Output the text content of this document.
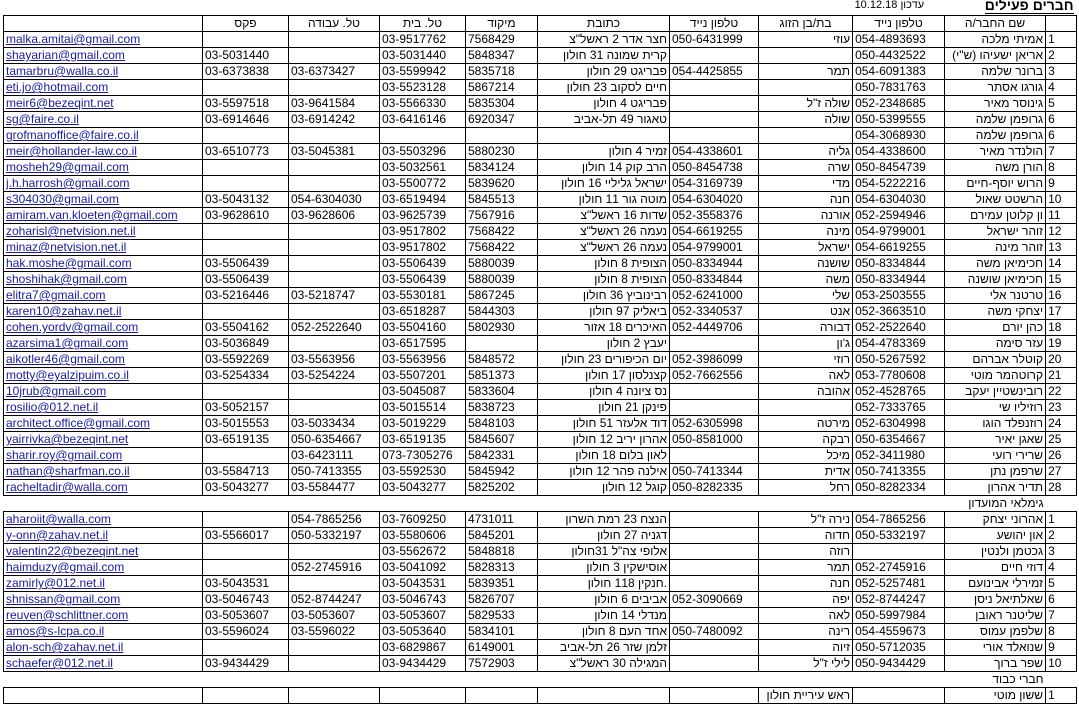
								עדכון 10.12.18 חברים פעילים		

	פקס	טל. עבודה	טל. בית	מיקוד	כתובת	טלפון נייד	בת/בן הזוג	טלפון נייד	שם החבר/ה	
malka.amitai@gmail.com			03-9517762	7568429	חצר אדר 2 ראשל"צ	050-6431999	עוזי	054-4893693	אמיתי מלכה	1
shayarian@gmail.com	03-5031440		03-5031440	5848347	קרית שמונה 31 חולון			050-4432522	אריאן ישעיהו (ש"י)	2
tamarbru@walla.co.il	03-6373838	03-6373427	03-5599942	5835718	פבריגט 29 חולון	054-4425855	תמר	054-6091383	ברונר שלמה	3
eti.jo@hotmail.com			03-5523128	5867214	חיים לסקוב 23 חולון			050-7831763	גורגו אסתר	4
meir6@bezeqint.net	03-5597518	03-9641584	03-5566330	5835304	פבריגט 4 חולון		שולה ז"ל	052-2348685	גינוסר מאיר	5
sg@faire.co.il	03-6914646	03-6914242	03-6416146	6920347	טאגור 49 תל-אביב		שולה	050-5399555	גרופמן שלמה	6
grofmanoffice@faire.co.il								054-3068930	גרופמן שלמה	6
meir@hollander-law.co.il	03-6510773	03-5045381	03-5503296	5880230	זמיר 4 חולון	054-4338601	גליה	054-4338600	הולנדר מאיר	7
mosheh29@gmail.com			03-5032561	5834124	הרב קוק 14 חולון	050-8454738	שרה	050-8454739	הורן משה	8
j.h.harrosh@gmail.com			03-5500772	5839620	ישראל גליליי 16 חולון	054-3169739	מדי	054-5222216	הרוש יוסף-חיים	9
s304030@gmail.com	03-5043132	054-6304030	03-6519494	5845513	מוטה גור 11 חולון	054-6304020	חנה	054-6304030	הרשטט שאול	10
amiram.van.kloeten@gmail.com	03-9628610	03-9628606	03-9625739	7567916	שדות 16 ראשל"צ	052-3558376	אורנה	052-2594946	ון קלוטן עמירם	11
zoharisl@netvision.net.il			03-9517802	7568422	נעמה 26 ראשל"צ	054-6619255	מינה	054-9799001	זוהר ישראל	12
minaz@netvision.net.il			03-9517802	7568422	נעמה 26 ראשל"צ	054-9799001	ישראל	054-6619255	זוהר מינה	13
hak.moshe@gmail.com	03-5506439		03-5506439	5880039	הצופית 8 חולון	050-8334944	שושנה	050-8334844	חכימיאן משה	14
shoshihak@gmail.com	03-5506439		03-5506439	5880039	הצופית 8 חולון	050-8334844	משה	050-8334944	חכימיאן שושנה	15
elitra7@gmail.com	03-5216446	03-5218747	03-5530181	5867245	רבינוביץ 36 חולון	052-6241000	שלי	053-2503555	טרטנר אלי	16
karen10@zahav.net.il			03-6518287	5844303	ביאליק 97 חולון	052-3340537	אנט	052-3663510	יצחקי משה	17
cohen.yordv@gmail.com	03-5504162	052-2522640	03-5504160	5802930	האיכרים 18 אזור	052-4449706	דבורה	052-2522640	כהן יורם	18
azarsima1@gmail.com	03-5036849		03-6517595		יעבץ 2 חולון		ג'ון	054-4783369	עזר סימה	19
aikotler46@gmail.com	03-5592269	03-5563956	03-5563956	5848572	יום הכיפורים 23 חולון	052-3986099	רוזי	050-5267592	קוטלר אברהם	20
motty@eyalzipuim.co.il	03-5254334	03-5254224	03-5507201	5851373	קצנלסון 17 חולון	052-7662556	לאה	053-7780608	קרוטהמר מוטי	21
10jrub@gmail.com			03-5045087	5833604	נס ציונה 4 חולון		אהובה	052-4528765	רובינשטיין יעקב	22
rosilio@012.net.il	03-5052157		03-5015514	5838723	פינקן 21 חולון			052-7333765	רוזיליו שי	23
architect.office@gmail.com	03-5015553	03-5033434	03-5019229	5848103	דוד אלעזר 51 חולון	052-6305998	מירטה	052-6304998	רוזנפלד הוגו	24
yairrivka@bezeqint.net	03-6519135	050-6354667	03-6519135	5845607	אהרון יריב 12 חולון	050-8581000	רבקה	050-6354667	שאגן יאיר	25
sharir.roy@gmail.com		03-6423111	073-7305276	5842331	לאון בלום 18 חולון		מיכל	052-3411980	שרירי רועי	26
nathan@sharfman.co.il	03-5584713	050-7413355	03-5592530	5845942	אילנה פהר 12 חולון	050-7413344	אדית	050-7413355	שרפמן נתן	27
racheltadir@walla.com	03-5043277	03-5584477	03-5043277	5825202	קוגל 12 חולון	050-8282335	רחל	050-8282334	תדיר אהרון	28
									גימלאי המועדון	
aharoiit@walla.com		054-7865256	03-7609250	4731011	הנצח 23 רמת השרון		נירה ז"ל	054-7865256	אהרוני יצחק	1
y-onn@zahav.net.il	03-5566017	050-5332197	03-5580606	5845201	דגניה 27 חולון		חדוה	050-5332197	און יהושע	2
valentin22@bezeqint.net			03-5562672	5848818	אלופי צה"ל 31חולון		רוזה		גכטמן ולנטין	3
haimduzy@gmail.com		052-2745916	03-5041092	5828313	אוסישקין 3 חולון		תמר	052-2745916	דוזי חיים	4
zamirly@012.net.il	03-5043531		03-5043531	5839351	חנקין 118 חולון.		חנה	052-5257481	זמירלי אבינועם	5
shnissan@gmail.com	03-5046743	052-8744247	03-5046743	5826707	אביבים 6 חולון	052-3090669	יפה	052-8744247	שאלתיאל ניסן	6
reuven@schlittner.com	03-5053607	03-5053607	03-5053607	5829533	מנדלי 14 חולון		לאה	050-5997984	שליטנר ראובן	7
amos@s-lcpa.co.il	03-5596024	03-5596022	03-5053640	5834101	אחד העם 8 חולון	050-7480092	רינה	054-4559673	שלפמן עמוס	8
alon-sch@zahav.net.il			03-6829867	6149001	זלמן שזר 26 תל-אביב		זיוה	050-5712035	שנואלד אורי	9
schaefer@012.net.il	03-9434429		03-9434429	7572903	המגילה 30 ראשל"צ		לילי ז"ל	050-9434429	שפר ברוך	10
									חברי כבוד	
							ראש עיריית חולון		ששון מוטי	1
